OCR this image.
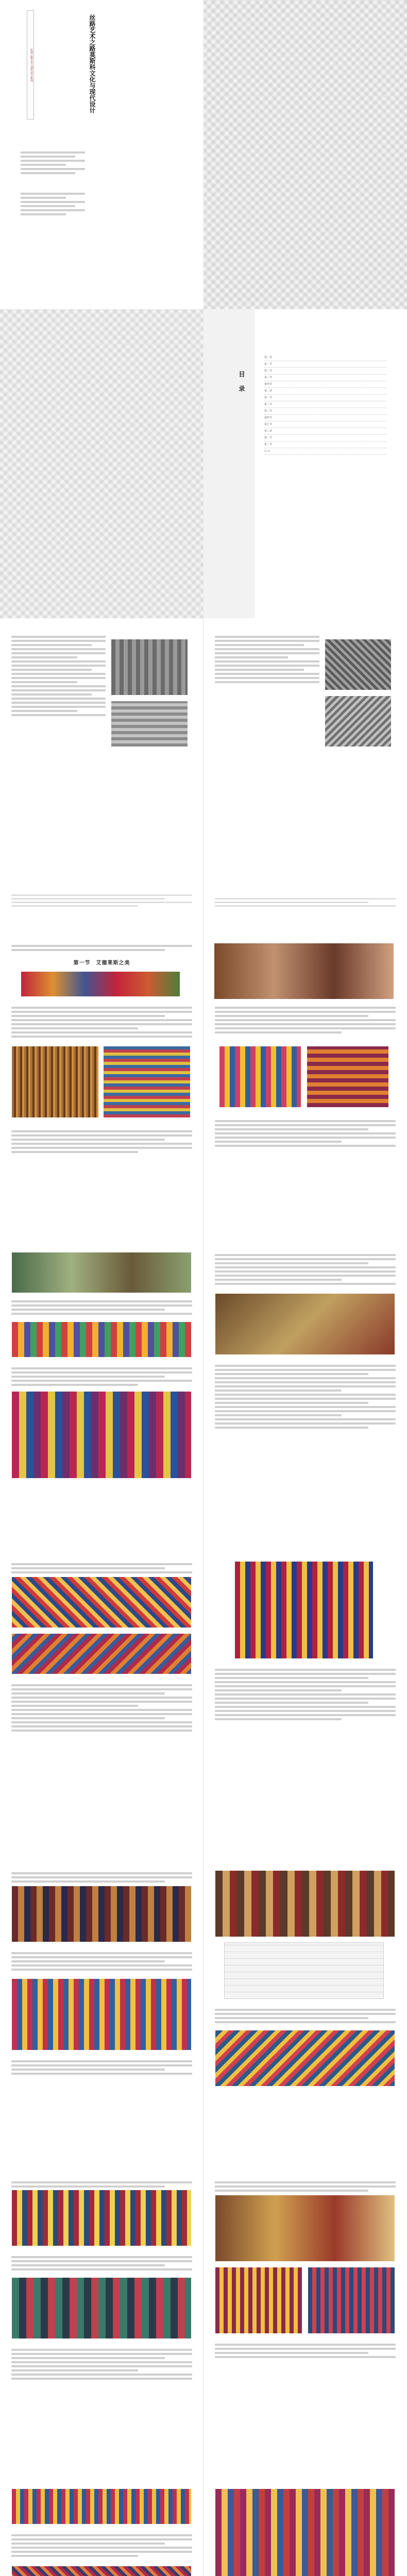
丝绸之路艺术与现代设计系列	丝路艺术之路莫斯科文化与现代设计
目 录
第一章
第一节
第二节
第三节
第四节
第二章
第一节
第二节
第三节
第四节
第五节
第三章
第一节
第二节
后 记
第一节　艾德莱斯之美
